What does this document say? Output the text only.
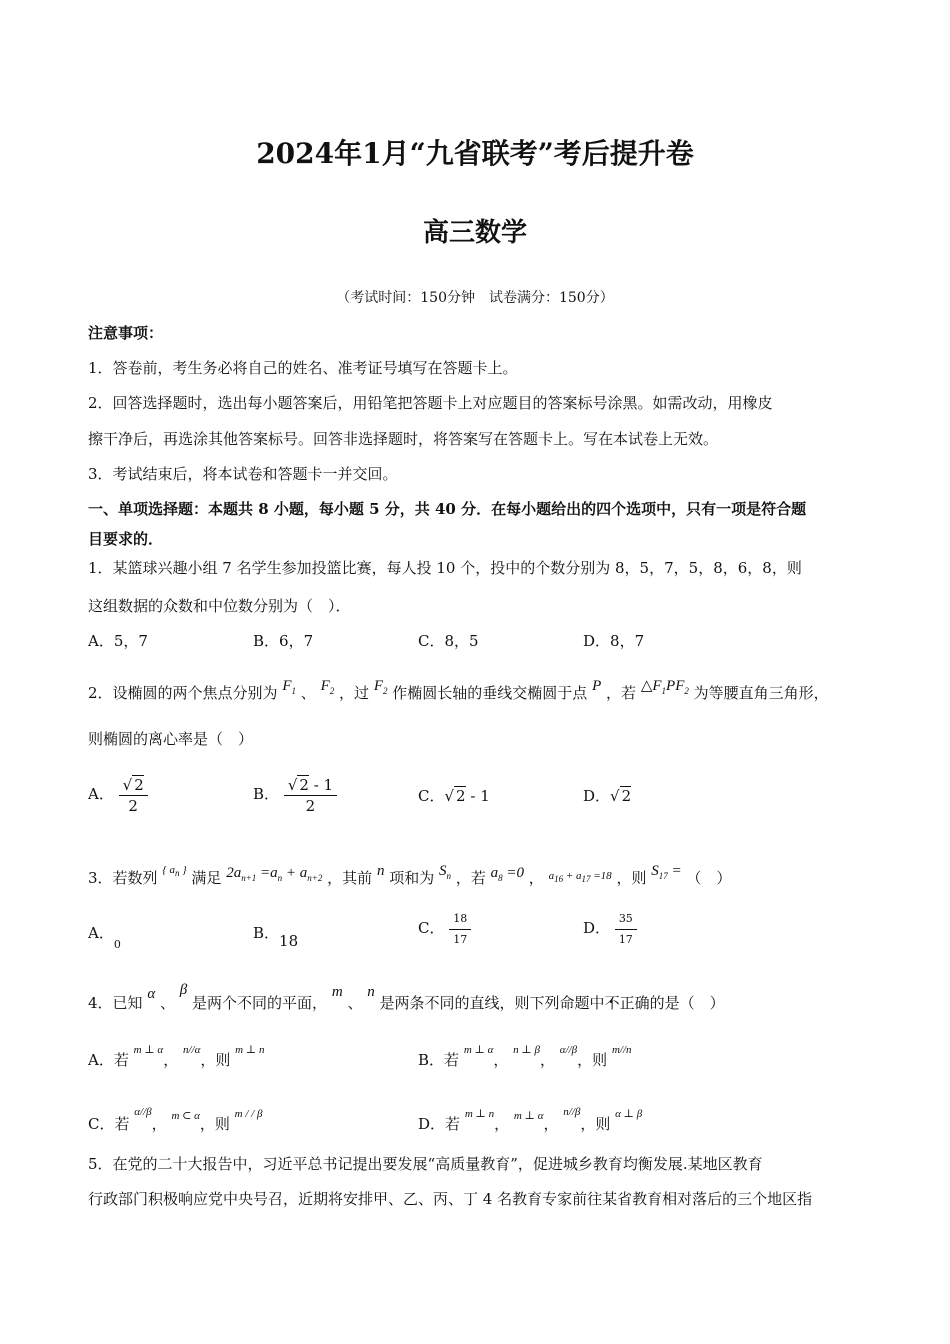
2024年1月“九省联考”考后提升卷
高三数学
（考试时间：150分钟　试卷满分：150分）
注意事项：
1．答卷前，考生务必将自己的姓名、准考证号填写在答题卡上。
2．回答选择题时，选出每小题答案后，用铅笔把答题卡上对应题目的答案标号涂黑。如需改动，用橡皮
擦干净后，再选涂其他答案标号。回答非选择题时，将答案写在答题卡上。写在本试卷上无效。
3．考试结束后，将本试卷和答题卡一并交回。
一、单项选择题：本题共 8 小题，每小题 5 分，共 40 分．在每小题给出的四个选项中，只有一项是符合题
目要求的．
1．某篮球兴趣小组 7 名学生参加投篮比赛，每人投 10 个，投中的个数分别为 8，5，7，5，8，6，8，则
这组数据的众数和中位数分别为（　）．
A．5，7	B．6，7	C．8，5	D．8，7
2．设椭圆的两个焦点分别为 $F_1$ 、 $F_2$ ，过 $F_2$ 作椭圆长轴的垂线交椭圆于点 P ，若 $\triangle F_1PF_2$ 为等腰直角三角形，
则椭圆的离心率是（　）
A． $\frac{√ 2}{2}$	B． $\frac{√ 2 - 1}{2}$	C．√ 2 - 1	D．√ 2
3．若数列 $^{\{ a_n \}}$ 满足 $2a_{n+1} =a_n + a_{n+2}$ ，其前 n 项和为 $S_n$ ，若 $a_8 =0$ ， $^{a_{16} + a_{17} =18}$ ，则 $S_{17}$ = （　）
A．$_0$
B．18
C． $\frac{18}{17}$	D． $\frac{35}{17}$
4．已知 α 、 β 是两个不同的平面， m 、 n 是两条不同的直线，则下列命题中· 不正确的是（　）
A．若 $^{m \perp \alpha}$， $^{n//\alpha}$，则 $^{m \perp n}$
B．若 $^{m \perp \alpha}$， $^{n \perp \beta}$， $^{\alpha//\beta}$，则 $^{m//n}$
C．若 $^{\alpha//\beta}$， $^{m \subset \alpha}$，则 $^{m / / \beta}$
D．若 $^{m \perp n}$， $^{m \perp \alpha}$， $^{n//\beta}$，则 $^{\alpha \perp \beta}$
5．在党的二十大报告中，习近平总书记提出要发展“高质量教育”，促进城乡教育均衡发展.某地区教育
行政部门积极响应党中央号召，近期将安排甲、乙、丙、丁 4 名教育专家前往某省教育相对落后的三个地区指
